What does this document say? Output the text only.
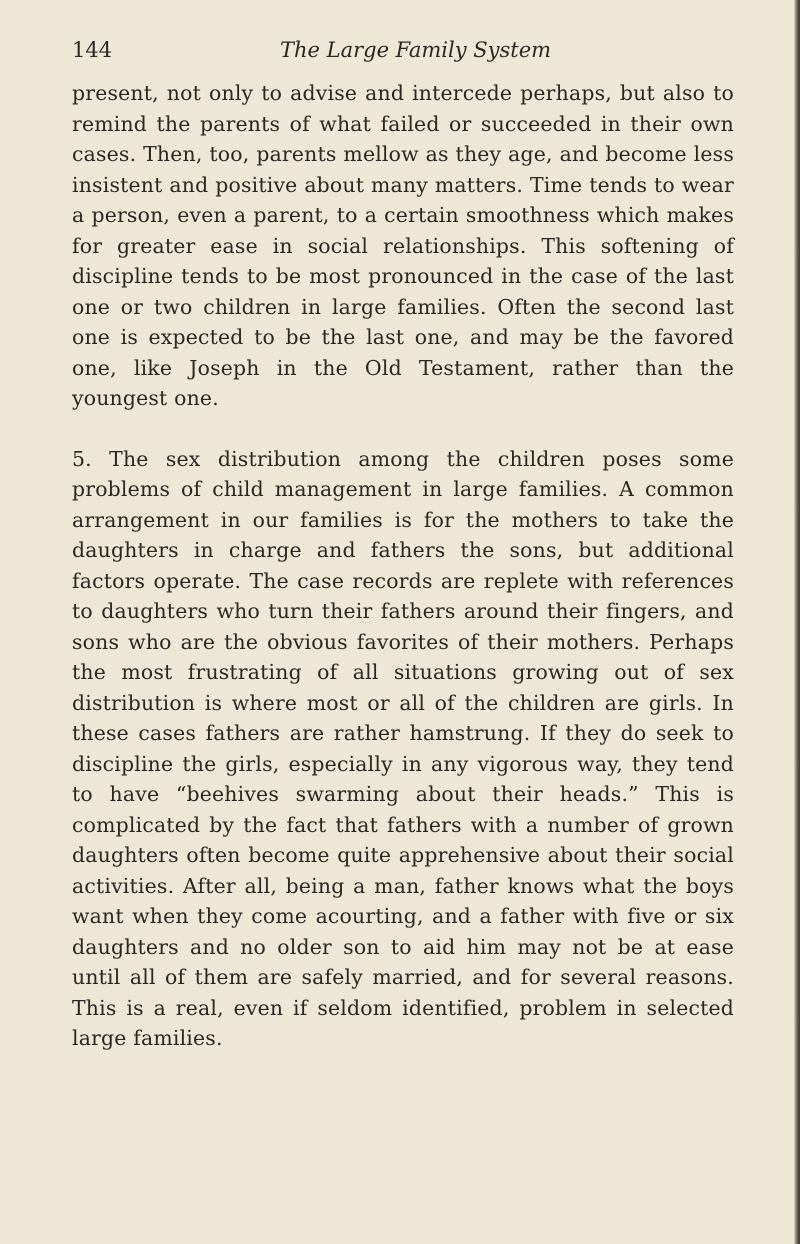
144	The Large Family System

present, not only to advise and intercede perhaps, but also to remind the parents of what failed or succeeded in their own cases. Then, too, parents mellow as they age, and become less insistent and positive about many matters. Time tends to wear a person, even a parent, to a certain smoothness which makes for greater ease in social relationships. This softening of discipline tends to be most pronounced in the case of the last one or two children in large families. Often the second last one is expected to be the last one, and may be the favored one, like Joseph in the Old Testament, rather than the youngest one.

5. The sex distribution among the children poses some problems of child management in large families. A common arrangement in our families is for the mothers to take the daughters in charge and fathers the sons, but additional factors operate. The case records are replete with references to daughters who turn their fathers around their fingers, and sons who are the obvious favorites of their mothers. Perhaps the most frustrating of all situations growing out of sex distribution is where most or all of the children are girls. In these cases fathers are rather hamstrung. If they do seek to discipline the girls, especially in any vigorous way, they tend to have “beehives swarming about their heads.” This is complicated by the fact that fathers with a number of grown daughters often become quite apprehensive about their social activities. After all, being a man, father knows what the boys want when they come acourting, and a father with five or six daughters and no older son to aid him may not be at ease until all of them are safely married, and for several reasons. This is a real, even if seldom identified, problem in selected large families.
